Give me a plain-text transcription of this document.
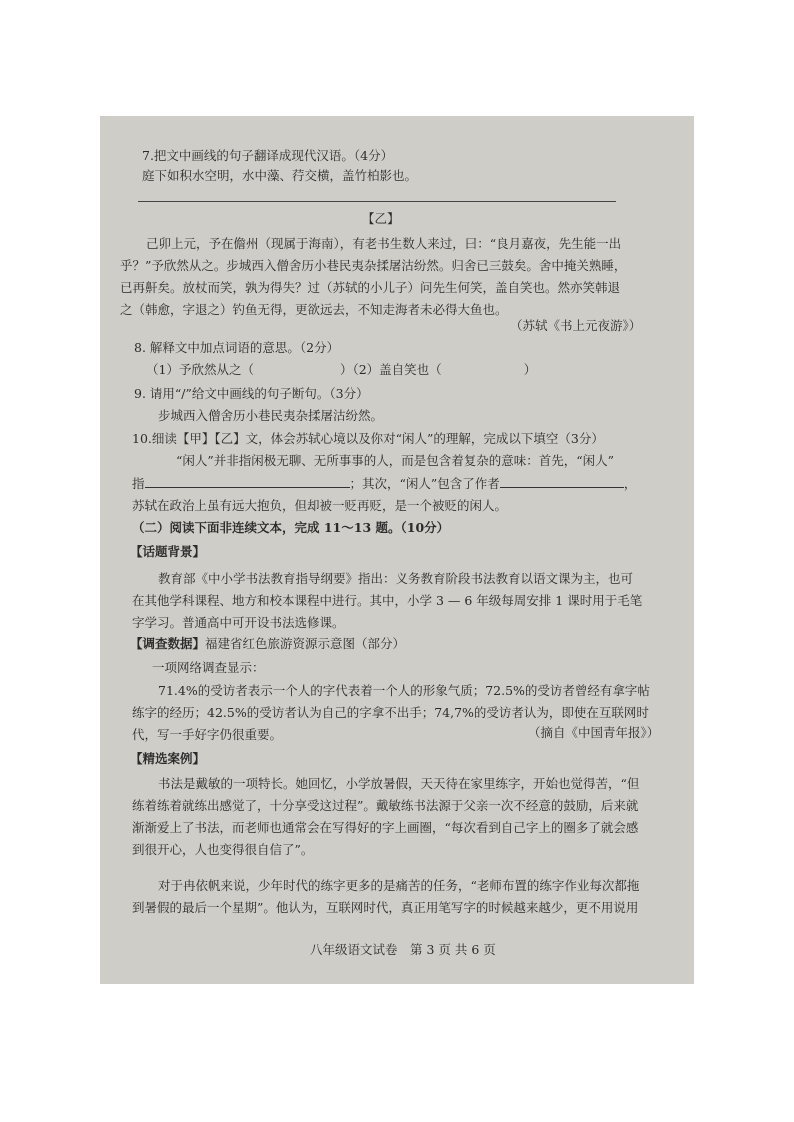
7.把文中画线的句子翻译成现代汉语。（4分）
庭下如积水空明，水中藻、荇交横，盖竹柏影也。
【乙】
己卯上元，予在儋州（现属于海南），有老书生数人来过，曰：“良月嘉夜，先生能一出
乎？”予欣然从之。步城西入僧舍历小巷民夷杂揉屠沽纷然。归舍已三鼓矣。舍中掩关熟睡，
已再鼾矣。放杖而笑，孰为得失？过（苏轼的小儿子）问先生何笑，盖自笑也。然亦笑韩退
之（韩愈，字退之）钓鱼无得，更欲远去，不知走海者未必得大鱼也。
（苏轼《书上元夜游》）
8. 解释文中加点词语的意思。（2分）
（1）予欣然从之（	）（2）盖自笑也（	）
9. 请用“/”给文中画线的句子断句。（3分）
步城西入僧舍历小巷民夷杂揉屠沽纷然。
10.细读【甲】【乙】文，体会苏轼心境以及你对“闲人”的理解，完成以下填空（3分）
“闲人”并非指闲极无聊、无所事事的人，而是包含着复杂的意味：首先，“闲人”
指	；其次，“闲人”包含了作者	，
苏轼在政治上虽有远大抱负，但却被一贬再贬，是一个被贬的闲人。
（二）阅读下面非连续文本，完成 11～13 题。（10分）
【话题背景】
教育部《中小学书法教育指导纲要》指出：义务教育阶段书法教育以语文课为主，也可
在其他学科课程、地方和校本课程中进行。其中，小学 3 — 6 年级每周安排 1 课时用于毛笔
字学习。普通高中可开设书法选修课。
【调查数据】福建省红色旅游资源示意图（部分）
一项网络调查显示：
71.4%的受访者表示一个人的字代表着一个人的形象气质；72.5%的受访者曾经有拿字帖
练字的经历；42.5%的受访者认为自己的字拿不出手；74,7%的受访者认为，即使在互联网时
代，写一手好字仍很重要。	（摘自《中国青年报》）
【精选案例】
书法是戴敏的一项特长。她回忆，小学放暑假，天天待在家里练字，开始也觉得苦，“但
练着练着就练出感觉了，十分享受这过程”。戴敏练书法源于父亲一次不经意的鼓励，后来就
渐渐爱上了书法，而老师也通常会在写得好的字上画圈，“每次看到自己字上的圈多了就会感
到很开心，人也变得很自信了”。
对于冉依帆来说，少年时代的练字更多的是痛苦的任务，“老师布置的练字作业每次都拖
到暑假的最后一个星期”。他认为，互联网时代，真正用笔写字的时候越来越少，更不用说用
八年级语文试卷　第 3 页 共 6 页
